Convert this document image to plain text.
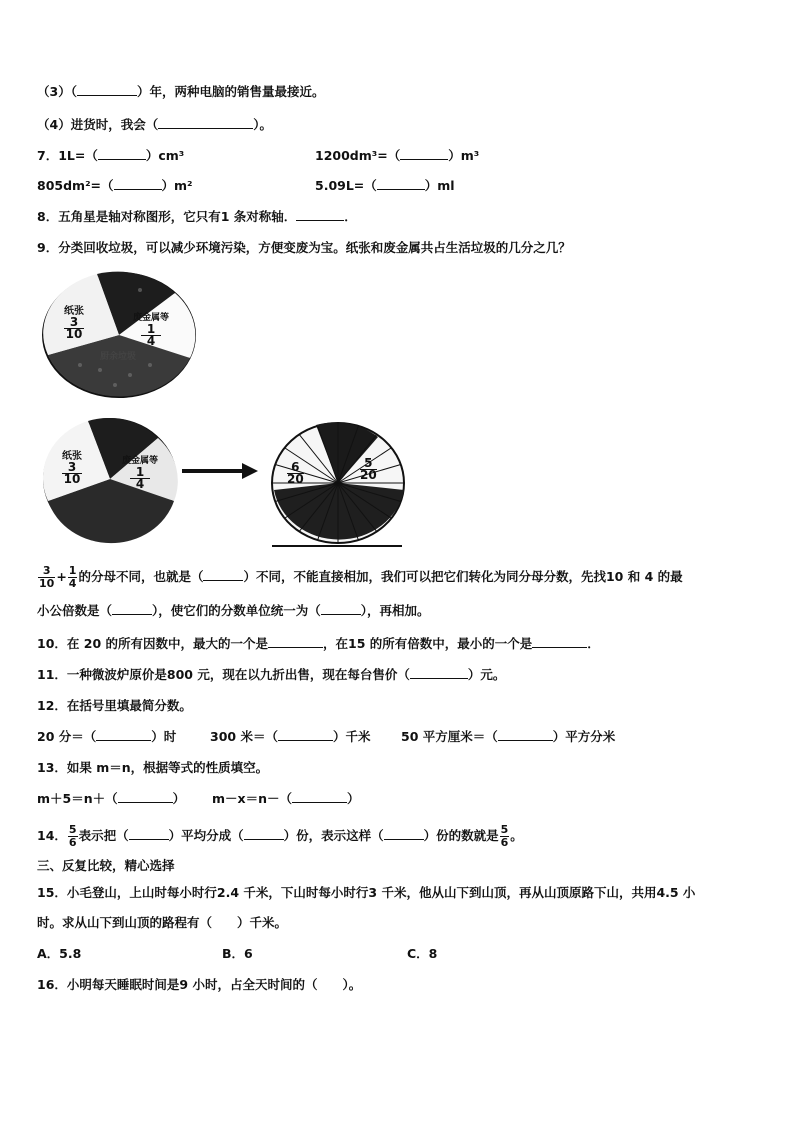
（3）（	）年，两种电脑的销售量最接近。
（4）进货时，我会（	）。
7．1L=（	）cm³	1200dm³=（	）m³
805dm²=（	）m²	5.09L=（	）ml
8．五角星是轴对称图形，它只有1 条对称轴．	．
9．分类回收垃圾，可以减少环境污染，方便变废为宝。纸张和废金属共占生活垃圾的几分之几？
纸张
3
10
废金属等
1
4
厨余垃圾
纸张
3
10
废金属等
1
4	$\frac{6}{20}$	$\frac{5}{20}$
$\frac{3}{10} + \frac{1}{4}$ 的分母不同，也就是（	）不同，不能直接相加，我们可以把它们转化为同分母分数，先找10 和 4 的最
小公倍数是（	），使它们的分数单位统一为（	），再相加。
10．在 20 的所有因数中，最大的一个是	，在15 的所有倍数中，最小的一个是	．
11．一种微波炉原价是800 元，现在以九折出售，现在每台售价（	）元。
12．在括号里填最简分数。
20 分＝（	）时	300 米＝（	）千米 50 平方厘米＝（	）平方分米
13．如果 m＝n，根据等式的性质填空。
m＋5＝n＋（	） m－x＝n－（	）
14． $\frac{5}{6}$ 表示把（	）平均分成（	）份，表示这样（	）份的数就是 $\frac{5}{6}$ 。
三、反复比较，精心选择
15．小毛登山，上山时每小时行2.4 千米，下山时每小时行3 千米，他从山下到山顶，再从山顶原路下山，共用4.5 小
时。求从山下到山顶的路程有（　　）千米。
A．5.8	B．6	C．8
16．小明每天睡眠时间是9 小时，占全天时间的（　　）。
